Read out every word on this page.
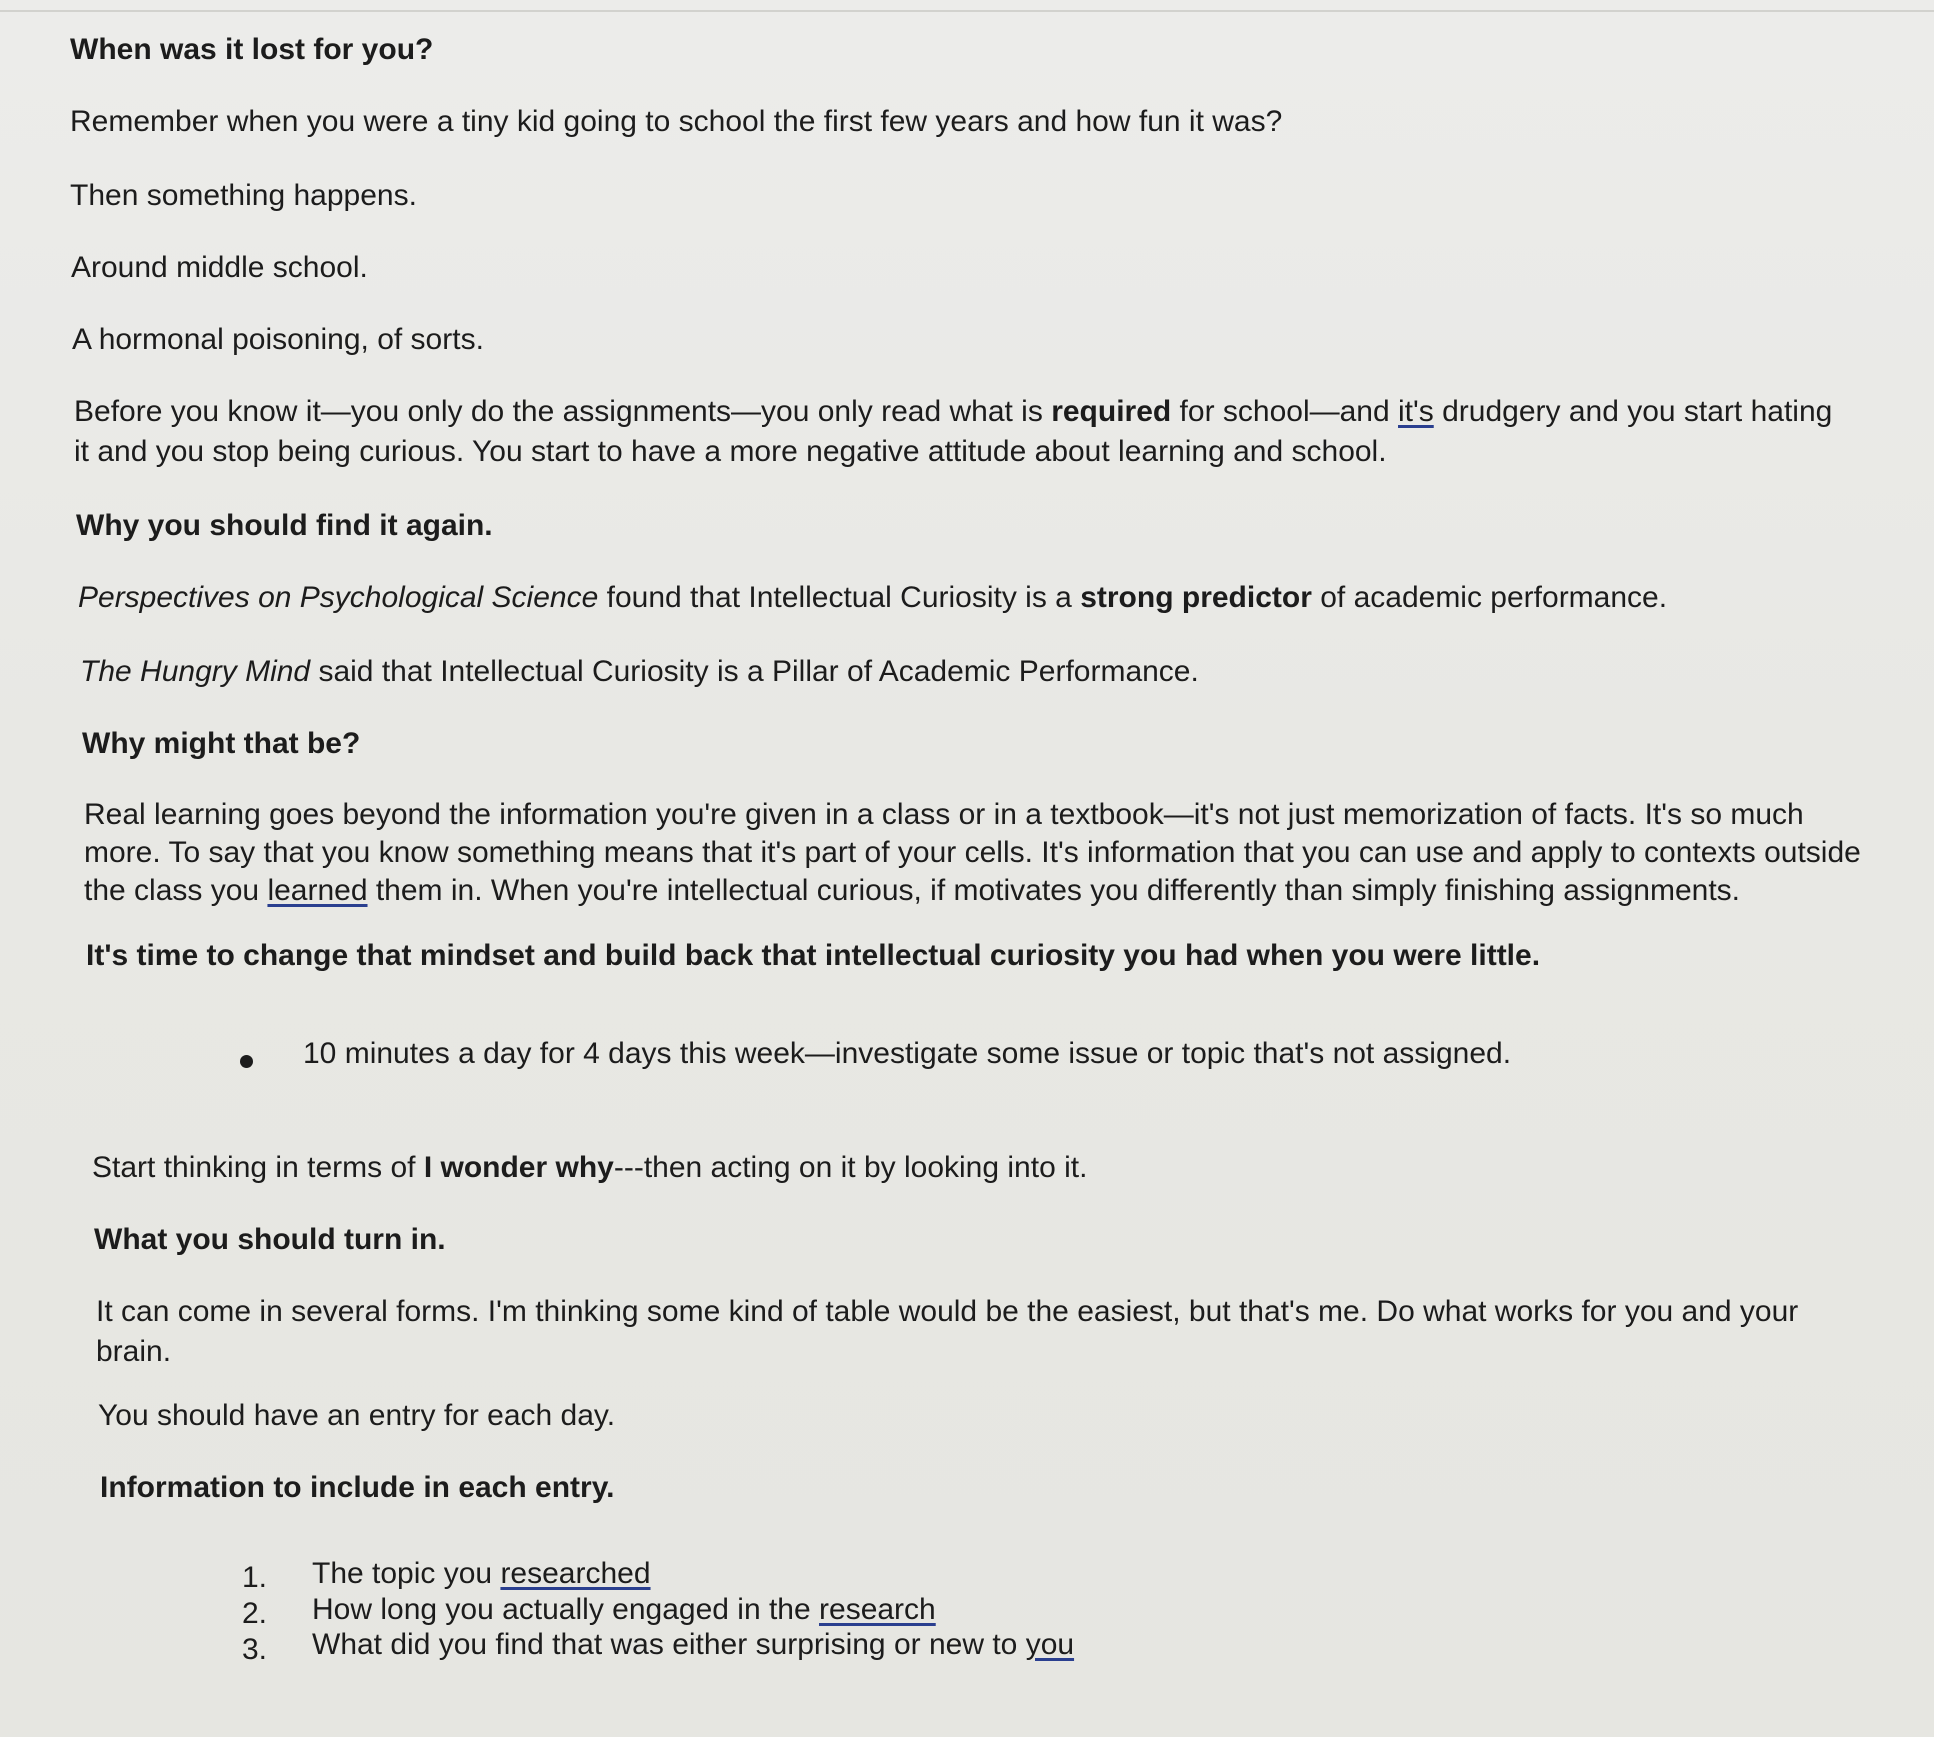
When was it lost for you?
Remember when you were a tiny kid going to school the first few years and how fun it was?
Then something happens.
Around middle school.
A hormonal poisoning, of sorts.
Before you know it—you only do the assignments—you only read what is required for school—and it's drudgery and you start hating it and you stop being curious. You start to have a more negative attitude about learning and school.
Why you should find it again.
Perspectives on Psychological Science found that Intellectual Curiosity is a strong predictor of academic performance.
The Hungry Mind said that Intellectual Curiosity is a Pillar of Academic Performance.
Why might that be?
Real learning goes beyond the information you're given in a class or in a textbook—it's not just memorization of facts. It's so much more. To say that you know something means that it's part of your cells. It's information that you can use and apply to contexts outside the class you learned them in. When you're intellectual curious, if motivates you differently than simply finishing assignments.
It's time to change that mindset and build back that intellectual curiosity you had when you were little.
10 minutes a day for 4 days this week—investigate some issue or topic that's not assigned.
Start thinking in terms of I wonder why---then acting on it by looking into it.
What you should turn in.
It can come in several forms. I'm thinking some kind of table would be the easiest, but that's me. Do what works for you and your brain.
You should have an entry for each day.
Information to include in each entry.
1. The topic you researched
2. How long you actually engaged in the research
3. What did you find that was either surprising or new to you
